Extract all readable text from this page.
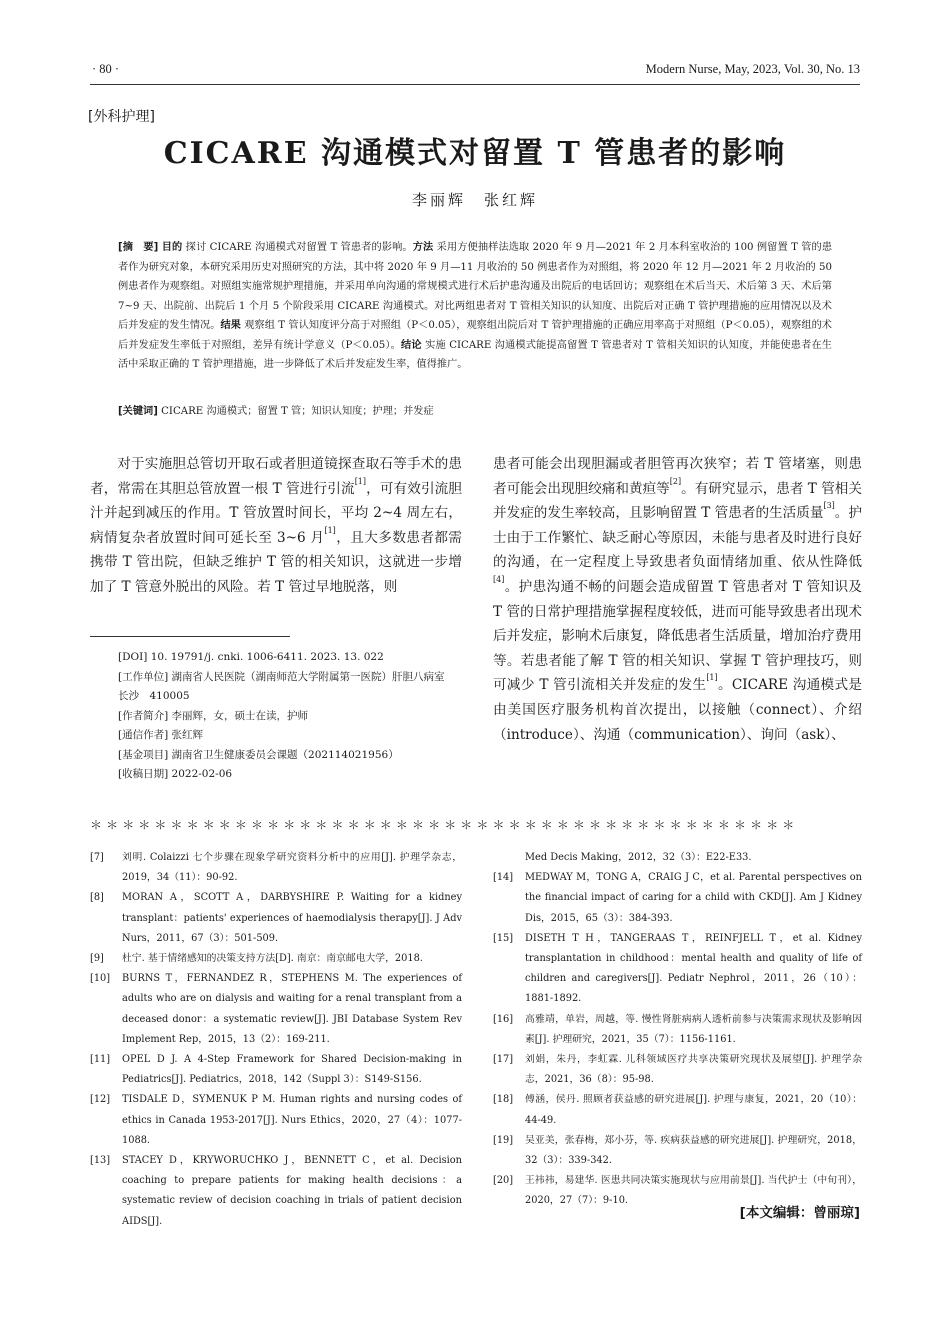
· 80 ·	Modern Nurse, May, 2023, Vol. 30, No. 13
[外科护理]
CICARE 沟通模式对留置 T 管患者的影响
李丽辉　张红辉
[摘　要] 目的 探讨 CICARE 沟通模式对留置 T 管患者的影响。方法 采用方便抽样法选取 2020 年 9 月—2021 年 2 月本科室收治的 100 例留置 T 管的患者作为研究对象，本研究采用历史对照研究的方法，其中将 2020 年 9 月—11 月收治的 50 例患者作为对照组，将 2020 年 12 月—2021 年 2 月收治的 50 例患者作为观察组。对照组实施常规护理措施，并采用单向沟通的常规模式进行术后护患沟通及出院后的电话回访；观察组在术后当天、术后第 3 天、术后第 7~9 天、出院前、出院后 1 个月 5 个阶段采用 CICARE 沟通模式。对比两组患者对 T 管相关知识的认知度、出院后对正确 T 管护理措施的应用情况以及术后并发症的发生情况。结果 观察组 T 管认知度评分高于对照组（P＜0.05），观察组出院后对 T 管护理措施的正确应用率高于对照组（P＜0.05），观察组的术后并发症发生率低于对照组，差异有统计学意义（P＜0.05）。结论 实施 CICARE 沟通模式能提高留置 T 管患者对 T 管相关知识的认知度，并能使患者在生活中采取正确的 T 管护理措施，进一步降低了术后并发症发生率，值得推广。
[关键词] CICARE 沟通模式；留置 T 管；知识认知度；护理；并发症
对于实施胆总管切开取石或者胆道镜探查取石等手术的患者，常需在其胆总管放置一根 T 管进行引流[1]，可有效引流胆汁并起到减压的作用。T 管放置时间长，平均 2~4 周左右，病情复杂者放置时间可延长至 3~6 月[1]，且大多数患者都需携带 T 管出院，但缺乏维护 T 管的相关知识，这就进一步增加了 T 管意外脱出的风险。若 T 管过早地脱落，则
[DOI] 10. 19791/j. cnki. 1006-6411. 2023. 13. 022
[工作单位] 湖南省人民医院（湖南师范大学附属第一医院）肝胆八病室　长沙　410005
[作者简介] 李丽辉，女，硕士在读，护师
[通信作者] 张红辉
[基金项目] 湖南省卫生健康委员会课题（202114021956）
[收稿日期] 2022-02-06
患者可能会出现胆漏或者胆管再次狭窄；若 T 管堵塞，则患者可能会出现胆绞痛和黄疸等[2]。有研究显示，患者 T 管相关并发症的发生率较高，且影响留置 T 管患者的生活质量[3]。护士由于工作繁忙、缺乏耐心等原因，未能与患者及时进行良好的沟通，在一定程度上导致患者负面情绪加重、依从性降低[4]。护患沟通不畅的问题会造成留置 T 管患者对 T 管知识及 T 管的日常护理措施掌握程度较低，进而可能导致患者出现术后并发症，影响术后康复，降低患者生活质量，增加治疗费用等。若患者能了解 T 管的相关知识、掌握 T 管护理技巧，则可减少 T 管引流相关并发症的发生[1]。CICARE 沟通模式是由美国医疗服务机构首次提出，以接触（connect）、介绍（introduce）、沟通（communication）、询问（ask）、
＊＊＊＊＊＊＊＊＊＊＊＊＊＊＊＊＊＊＊＊＊＊＊＊＊＊＊＊＊＊＊＊＊＊＊＊＊＊＊＊＊＊＊＊
[7]	刘明. Colaizzi 七个步骤在现象学研究资料分析中的应用[J]. 护理学杂志，2019，34（11）：90-92.
[8]	MORAN A，SCOTT A，DARBYSHIRE P. Waiting for a kidney transplant：patients' experiences of haemodialysis therapy[J]. J Adv Nurs，2011，67（3）：501-509.
[9]	杜宁. 基于情绪感知的决策支持方法[D]. 南京：南京邮电大学，2018.
[10]	BURNS T，FERNANDEZ R，STEPHENS M. The experiences of adults who are on dialysis and waiting for a renal transplant from a deceased donor：a systematic review[J]. JBI Database System Rev Implement Rep，2015，13（2）：169-211.
[11]	OPEL D J. A 4-Step Framework for Shared Decision-making in Pediatrics[J]. Pediatrics，2018，142（Suppl 3）：S149-S156.
[12]	TISDALE D，SYMENUK P M. Human rights and nursing codes of ethics in Canada 1953-2017[J]. Nurs Ethics，2020，27（4）：1077-1088.
[13]	STACEY D，KRYWORUCHKO J，BENNETT C，et al. Decision coaching to prepare patients for making health decisions：a systematic review of decision coaching in trials of patient decision AIDS[J].
Med Decis Making，2012，32（3）：E22-E33.
[14]	MEDWAY M，TONG A，CRAIG J C，et al. Parental perspectives on the financial impact of caring for a child with CKD[J]. Am J Kidney Dis，2015，65（3）：384-393.
[15]	DISETH T H，TANGERAAS T，REINFJELL T，et al. Kidney transplantation in childhood：mental health and quality of life of children and caregivers[J]. Pediatr Nephrol，2011，26（10）：1881-1892.
[16]	高雅靖，单岩，周越，等. 慢性肾脏病病人透析前参与决策需求现状及影响因素[J]. 护理研究，2021，35（7）：1156-1161.
[17]	刘娟，朱丹，李虹霖. 儿科领域医疗共享决策研究现状及展望[J]. 护理学杂志，2021，36（8）：95-98.
[18]	傅涵，侯丹. 照顾者获益感的研究进展[J]. 护理与康复，2021，20（10）：44-49.
[19]	吴亚美，张春梅，郑小芬，等. 疾病获益感的研究进展[J]. 护理研究，2018，32（3）：339-342.
[20]	王祎祎，易建华. 医患共同决策实施现状与应用前景[J]. 当代护士（中旬刊），2020，27（7）：9-10.
[本文编辑：曾丽琼]
